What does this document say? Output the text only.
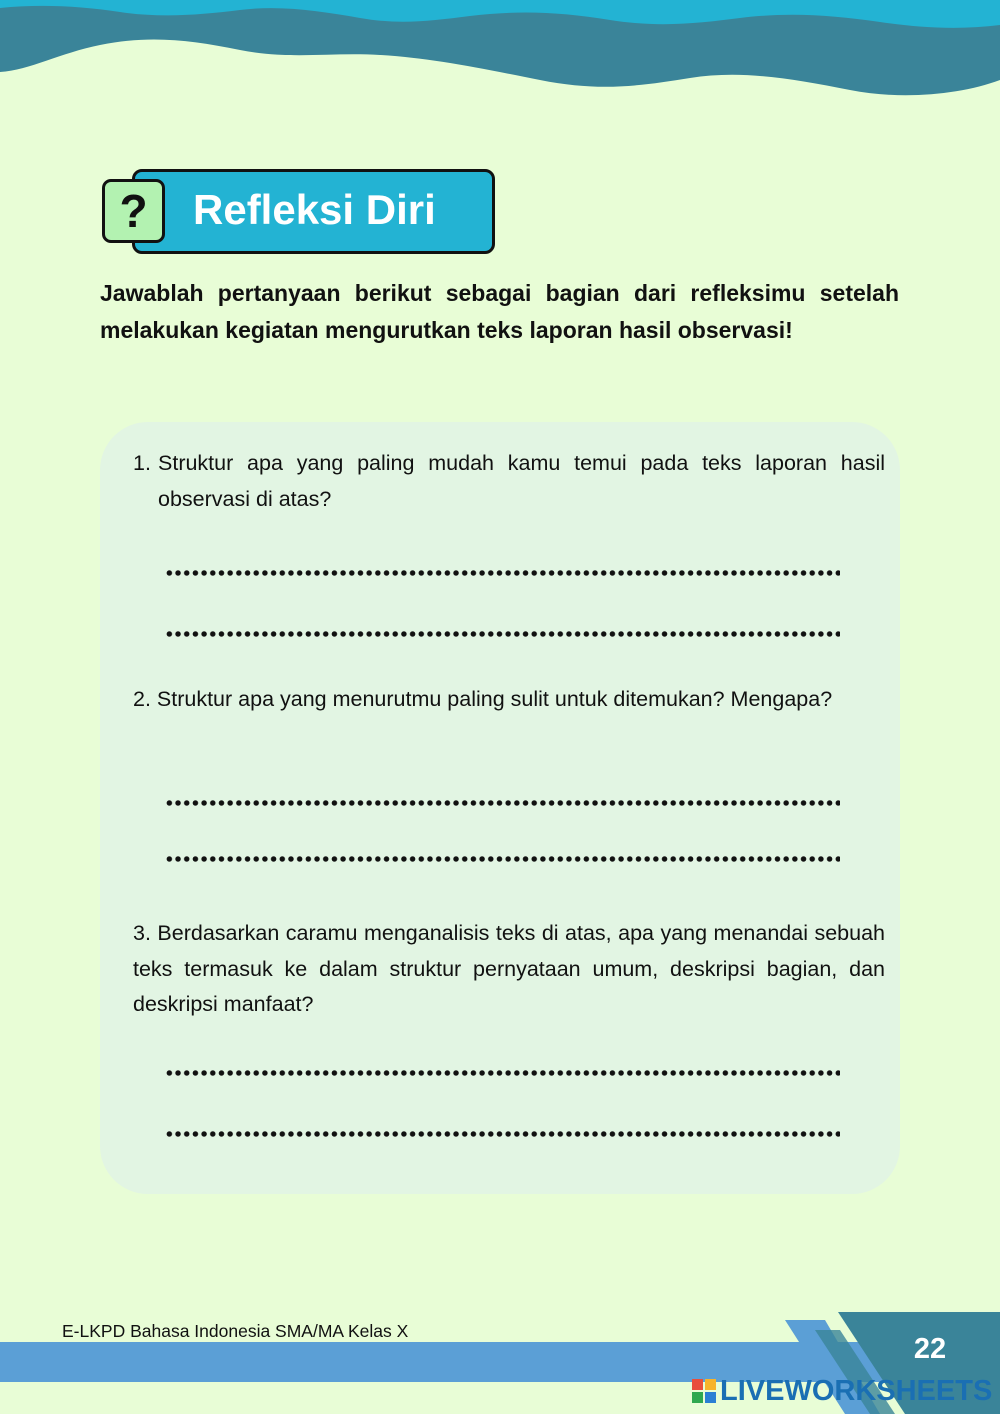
Refleksi Diri
?
Jawablah pertanyaan berikut sebagai bagian dari refleksimu setelah melakukan kegiatan mengurutkan teks laporan hasil observasi!
1. Struktur apa yang paling mudah kamu temui pada teks laporan hasil observasi di atas?
2. Struktur apa yang menurutmu paling sulit untuk ditemukan? Mengapa?
3. Berdasarkan caramu menganalisis teks di atas, apa yang menandai sebuah teks termasuk ke dalam struktur pernyataan umum, deskripsi bagian, dan deskripsi manfaat?
E-LKPD Bahasa Indonesia SMA/MA Kelas X
22
LIVEWORKSHEETS
